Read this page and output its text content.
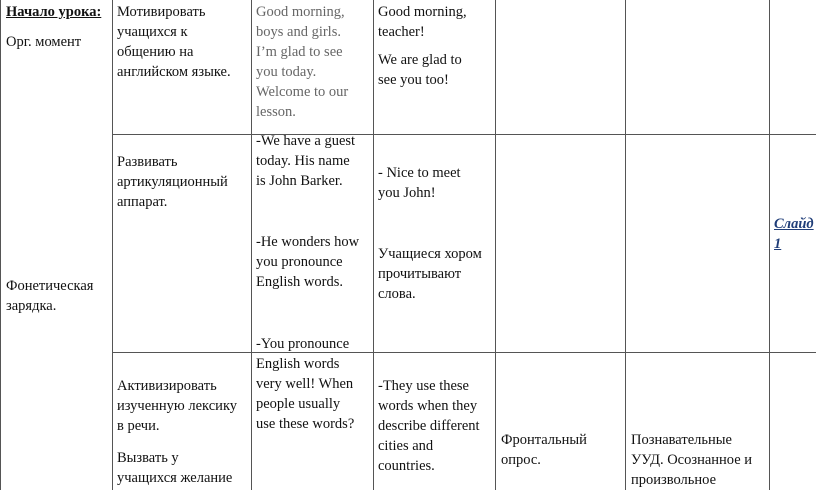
Начало урока:
Орг. момент
Фонетическая
зарядка.
Мотивировать
учащихся к
общению на
английском языке.
Развивать
артикуляционный
аппарат.
Активизировать
изученную лексику
в речи.
Вызвать у
учащихся желание
Good morning,
boys and girls.
I’m glad to see
you today.
Welcome to our
lesson.
-We have a guest
today. His name
is John Barker.
-He wonders how
you pronounce
English words.
-You pronounce
English words
very well! When
people usually
use these words?
Good morning,
teacher!
We are glad to
see you too!
- Nice to meet
you John!
Учащиеся хором
прочитывают
слова.
-They use these
words when they
describe different
cities and
countries.
Фронтальный
опрос.
Познавательные
УУД. Осознанное и
произвольное
Слайд
1
